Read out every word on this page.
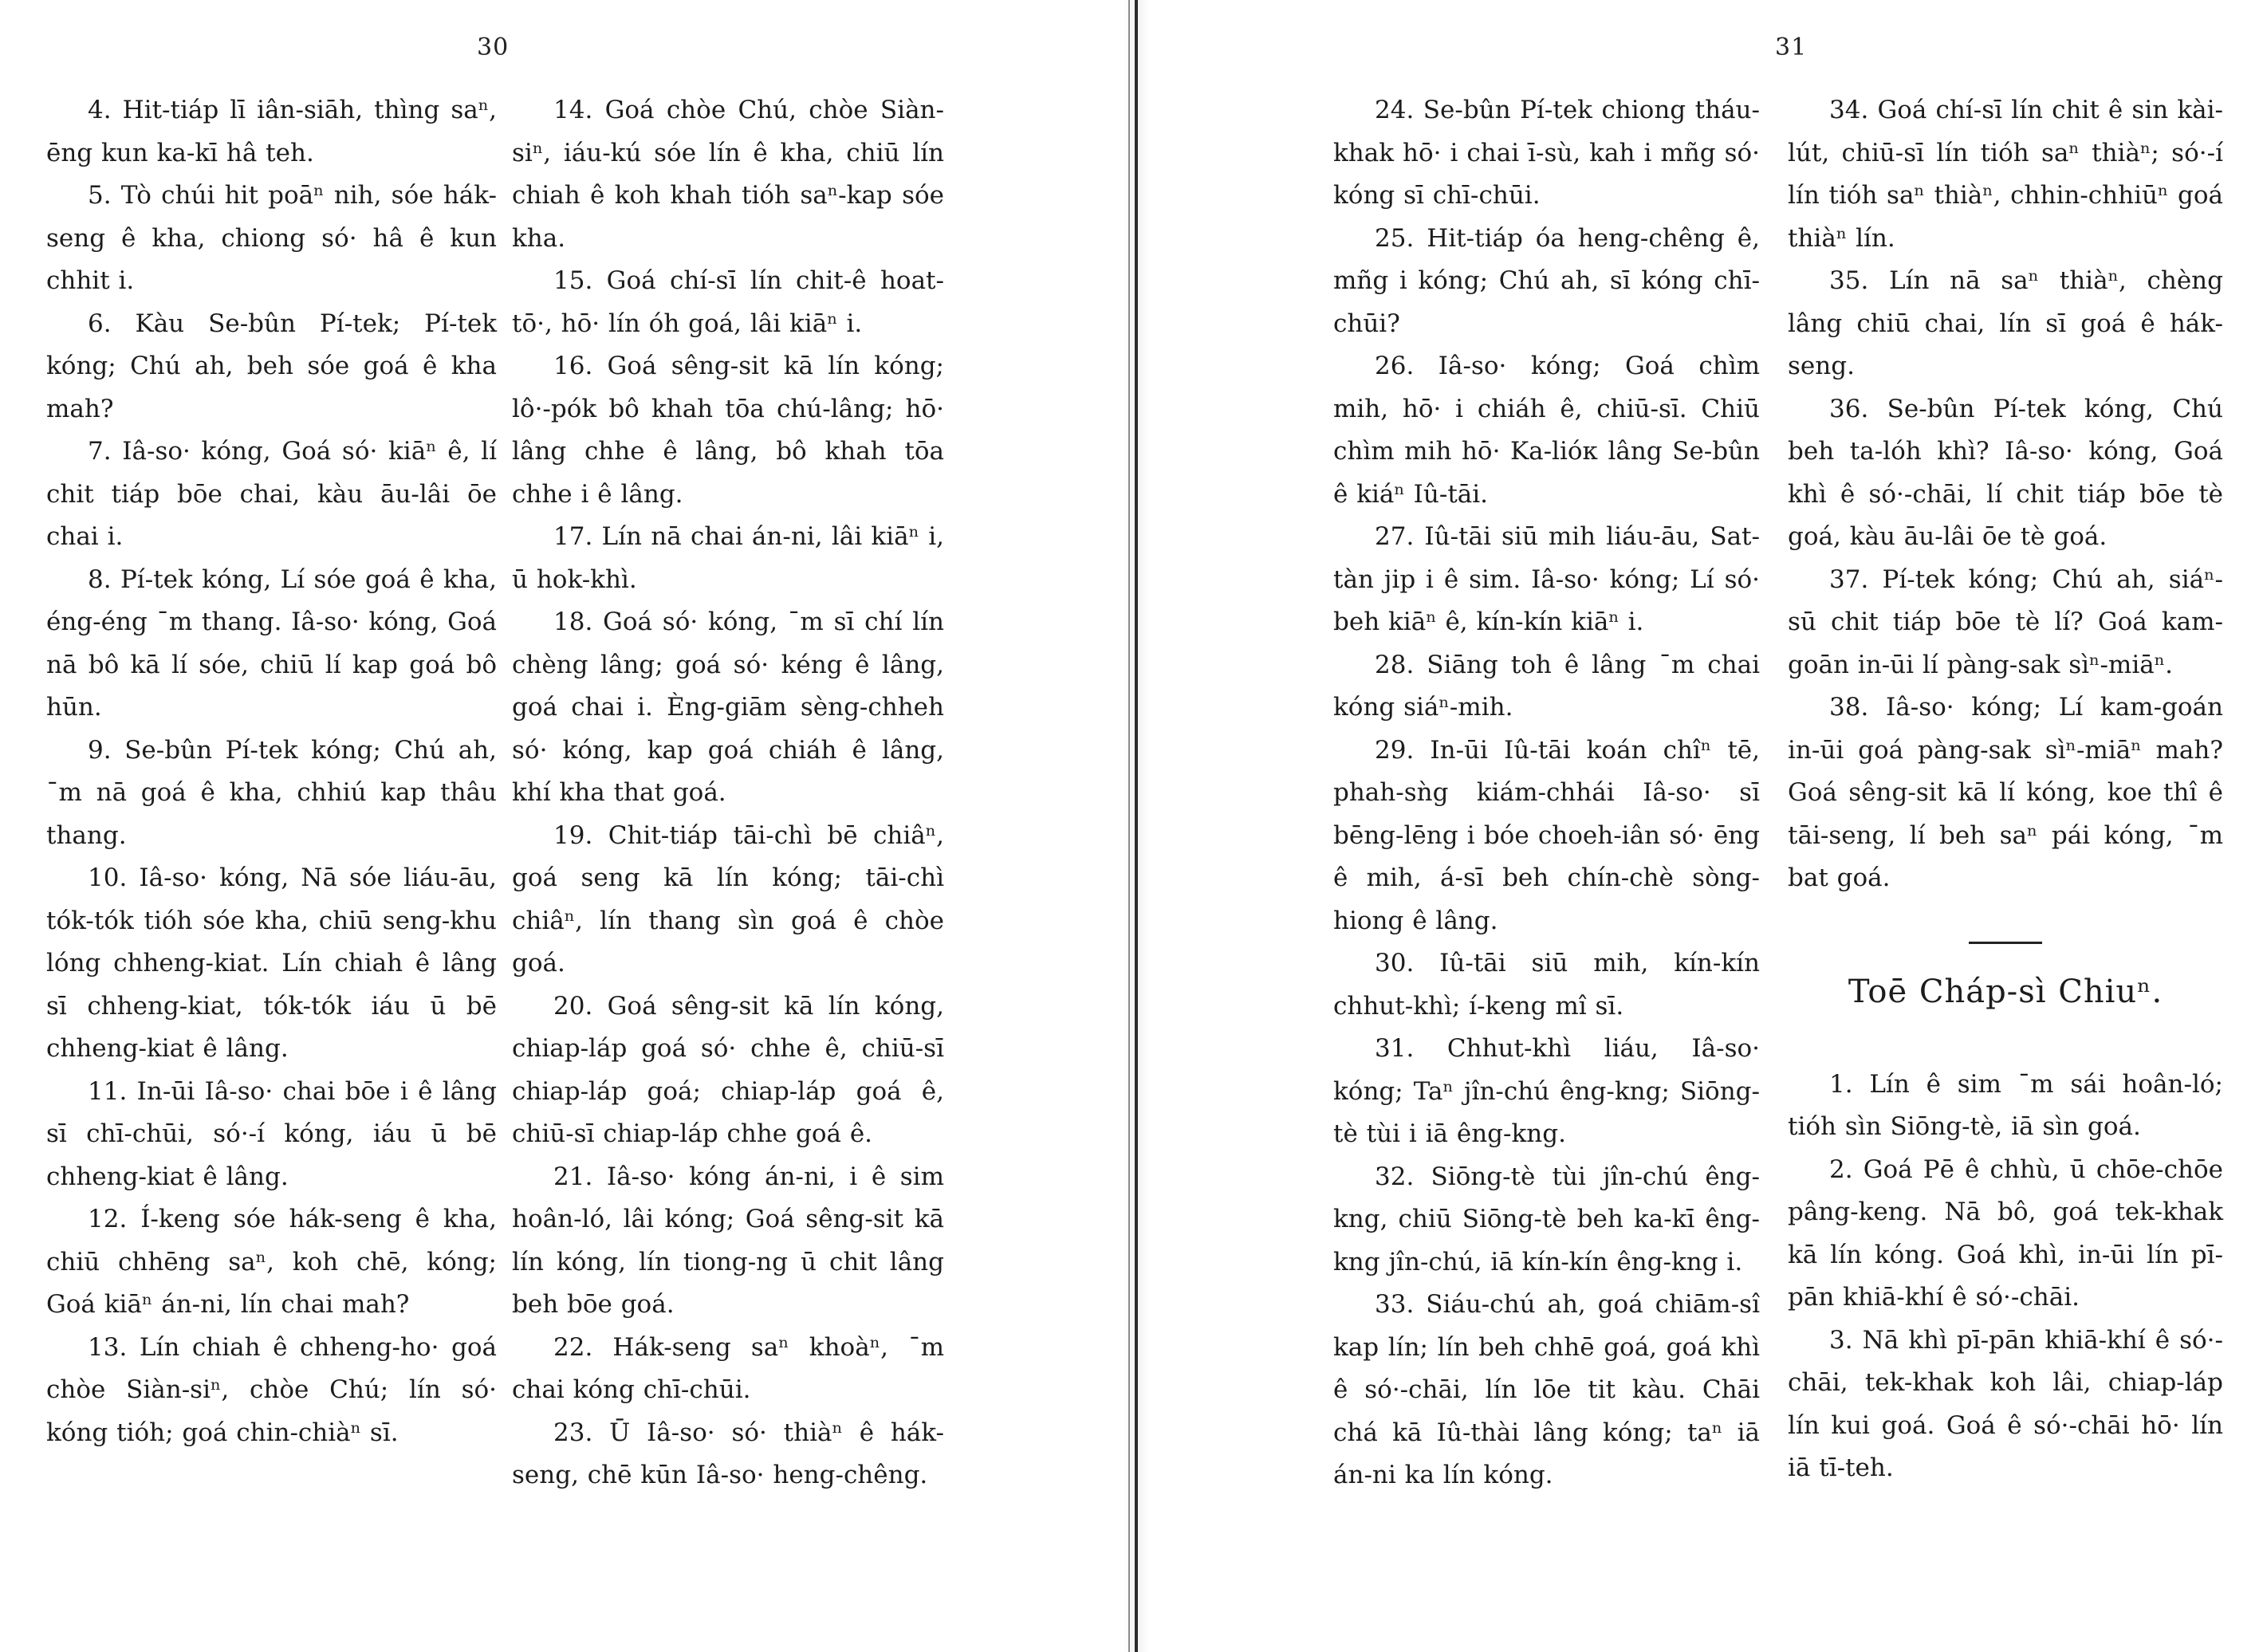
30

4. Hit-tiáp lī iân-siāh, thìng saⁿ, ēng kun ka-kī hâ teh.

5. Tò chúi hit poāⁿ nih, sóe hák-seng ê kha, chiong só· hâ ê kun chhit i.

6. Kàu Se-bûn Pí-tek; Pí-tek kóng; Chú ah, beh sóe goá ê kha mah?

7. Iâ-so· kóng, Goá só· kiāⁿ ê, lí chit tiáp bōe chai, kàu āu-lâi ōe chai i.

8. Pí-tek kóng, Lí sóe goá ê kha, éng-éng ˉm thang. Iâ-so· kóng, Goá nā bô kā lí sóe, chiū lí kap goá bô hūn.

9. Se-bûn Pí-tek kóng; Chú ah, ˉm nā goá ê kha, chhiú kap thâu thang.

10. Iâ-so· kóng, Nā sóe liáu-āu, tók-tók tióh sóe kha, chiū seng-khu lóng chheng-kiat. Lín chiah ê lâng sī chheng-kiat, tók-tók iáu ū bē chheng-kiat ê lâng.

11. In-ūi Iâ-so· chai bōe i ê lâng sī chī-chūi, só·-í kóng, iáu ū bē chheng-kiat ê lâng.

12. Í-keng sóe hák-seng ê kha, chiū chhēng saⁿ, koh chē, kóng; Goá kiāⁿ án-ni, lín chai mah?

13. Lín chiah ê chheng-ho· goá chòe Siàn-siⁿ, chòe Chú; lín só· kóng tióh; goá chin-chiàⁿ sī.

14. Goá chòe Chú, chòe Siàn-siⁿ, iáu-kú sóe lín ê kha, chiū lín chiah ê koh khah tióh saⁿ-kap sóe kha.

15. Goá chí-sī lín chit-ê hoat-tō·, hō· lín óh goá, lâi kiāⁿ i.

16. Goá sêng-sit kā lín kóng; lô·-pók bô khah tōa chú-lâng; hō· lâng chhe ê lâng, bô khah tōa chhe i ê lâng.

17. Lín nā chai án-ni, lâi kiāⁿ i, ū hok-khì.

18. Goá só· kóng, ˉm sī chí lín chèng lâng; goá só· kéng ê lâng, goá chai i. Èng-giām sèng-chheh só· kóng, kap goá chiáh ê lâng, khí kha that goá.

19. Chit-tiáp tāi-chì bē chiâⁿ, goá seng kā lín kóng; tāi-chì chiâⁿ, lín thang sìn goá ê chòe goá.

20. Goá sêng-sit kā lín kóng, chiap-láp goá só· chhe ê, chiū-sī chiap-láp goá; chiap-láp goá ê, chiū-sī chiap-láp chhe goá ê.

21. Iâ-so· kóng án-ni, i ê sim hoân-ló, lâi kóng; Goá sêng-sit kā lín kóng, lín tiong-ng ū chit lâng beh bōe goá.

22. Hák-seng saⁿ khoàⁿ, ˉm chai kóng chī-chūi.

23. Ū Iâ-so· só· thiàⁿ ê hák-seng, chē kūn Iâ-so· heng-chêng.

31

24. Se-bûn Pí-tek chiong tháu-khak hō· i chai ī-sù, kah i mñg só· kóng sī chī-chūi.

25. Hit-tiáp óa heng-chêng ê, mñg i kóng; Chú ah, sī kóng chī-chūi?

26. Iâ-so· kóng; Goá chìm mih, hō· i chiáh ê, chiū-sī. Chiū chìm mih hō· Ka-lióк lâng Se-bûn ê kiáⁿ Iû-tāi.

27. Iû-tāi siū mih liáu-āu, Sat-tàn jip i ê sim. Iâ-so· kóng; Lí só· beh kiāⁿ ê, kín-kín kiāⁿ i.

28. Siāng toh ê lâng ˉm chai kóng siáⁿ-mih.

29. In-ūi Iû-tāi koán chîⁿ tē, phah-sǹg kiám-chhái Iâ-so· sī bēng-lēng i bóe choeh-iân só· ēng ê mih, á-sī beh chín-chè sòng-hiong ê lâng.

30. Iû-tāi siū mih, kín-kín chhut-khì; í-keng mî sī.

31. Chhut-khì liáu, Iâ-so· kóng; Taⁿ jîn-chú êng-kng; Siōng-tè tùi i iā êng-kng.

32. Siōng-tè tùi jîn-chú êng-kng, chiū Siōng-tè beh ka-kī êng-kng jîn-chú, iā kín-kín êng-kng i.

33. Siáu-chú ah, goá chiām-sî kap lín; lín beh chhē goá, goá khì ê só·-chāi, lín lōe tit kàu. Chāi chá kā Iû-thài lâng kóng; taⁿ iā án-ni ka lín kóng.

34. Goá chí-sī lín chit ê sin kài-lút, chiū-sī lín tióh saⁿ thiàⁿ; só·-í lín tióh saⁿ thiàⁿ, chhin-chhiūⁿ goá thiàⁿ lín.

35. Lín nā saⁿ thiàⁿ, chèng lâng chiū chai, lín sī goá ê hák-seng.

36. Se-bûn Pí-tek kóng, Chú beh ta-lóh khì? Iâ-so· kóng, Goá khì ê só·-chāi, lí chit tiáp bōe tè goá, kàu āu-lâi ōe tè goá.

37. Pí-tek kóng; Chú ah, siáⁿ-sū chit tiáp bōe tè lí? Goá kam-goān in-ūi lí pàng-sak sìⁿ-miāⁿ.

38. Iâ-so· kóng; Lí kam-goán in-ūi goá pàng-sak sìⁿ-miāⁿ mah? Goá sêng-sit kā lí kóng, koe thî ê tāi-seng, lí beh saⁿ pái kóng, ˉm bat goá.

Toē Cháp-sì Chiuⁿ.

1. Lín ê sim ˉm sái hoân-ló; tióh sìn Siōng-tè, iā sìn goá.

2. Goá Pē ê chhù, ū chōe-chōe pâng-keng. Nā bô, goá tek-khak kā lín kóng. Goá khì, in-ūi lín pī-pān khiā-khí ê só·-chāi.

3. Nā khì pī-pān khiā-khí ê só·-chāi, tek-khak koh lâi, chiap-láp lín kui goá. Goá ê só·-chāi hō· lín iā tī-teh.
